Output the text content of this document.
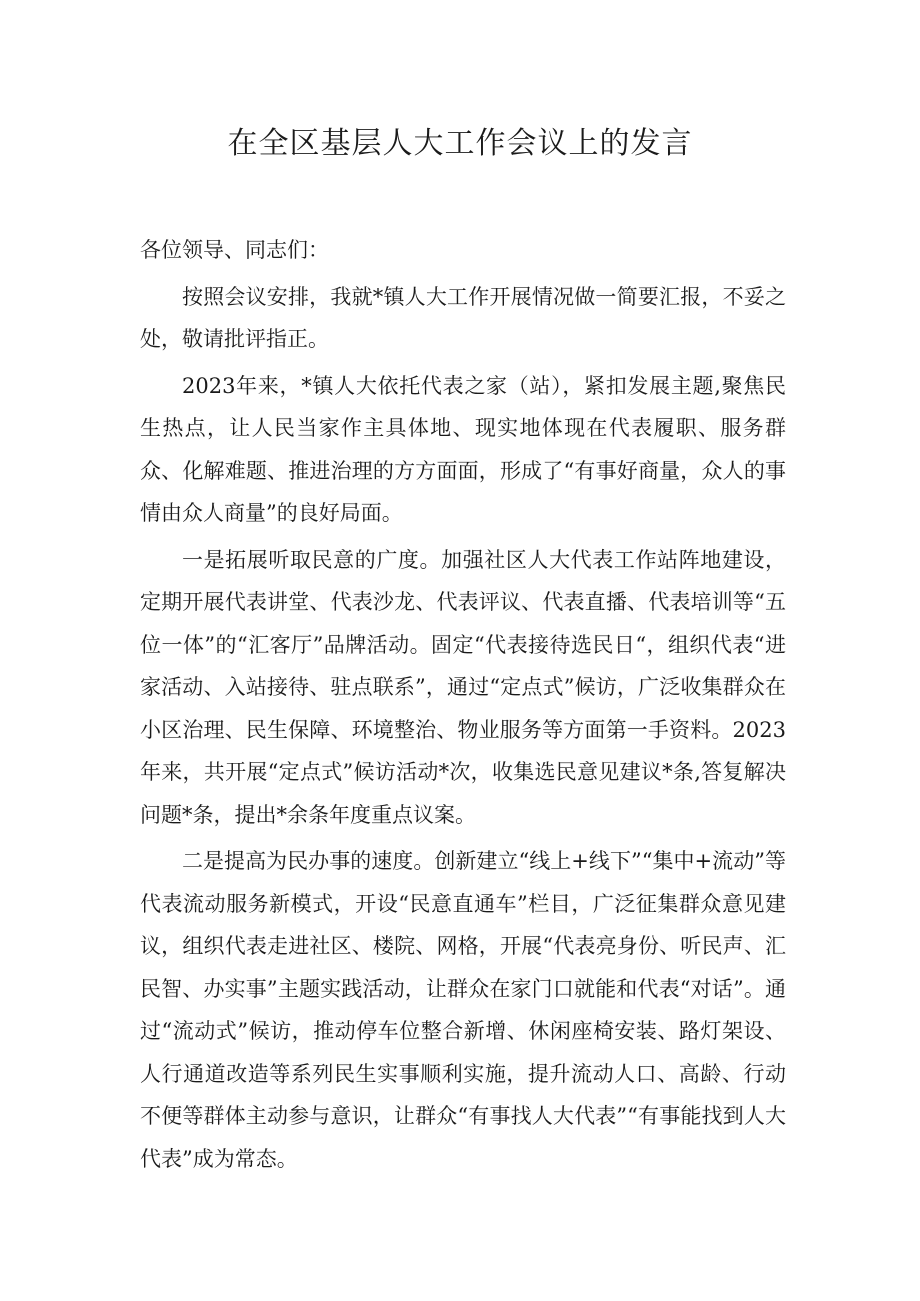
在全区基层人大工作会议上的发言

各位领导、同志们：

按照会议安排，我就*镇人大工作开展情况做一简要汇报，不妥之处，敬请批评指正。

2023年来，*镇人大依托代表之家（站），紧扣发展主题,聚焦民生热点，让人民当家作主具体地、现实地体现在代表履职、服务群众、化解难题、推进治理的方方面面，形成了“有事好商量，众人的事情由众人商量”的良好局面。

一是拓展听取民意的广度。加强社区人大代表工作站阵地建设，定期开展代表讲堂、代表沙龙、代表评议、代表直播、代表培训等“五位一体”的“汇客厅”品牌活动。固定“代表接待选民日“，组织代表“进家活动、入站接待、驻点联系”，通过“定点式”候访，广泛收集群众在小区治理、民生保障、环境整治、物业服务等方面第一手资料。2023年来，共开展“定点式”候访活动*次，收集选民意见建议*条,答复解决问题*条，提出*余条年度重点议案。

二是提高为民办事的速度。创新建立“线上+线下”“集中+流动”等代表流动服务新模式，开设“民意直通车”栏目，广泛征集群众意见建议，组织代表走进社区、楼院、网格，开展“代表亮身份、听民声、汇民智、办实事”主题实践活动，让群众在家门口就能和代表“对话”。通过“流动式”候访，推动停车位整合新增、休闲座椅安装、路灯架设、人行通道改造等系列民生实事顺利实施，提升流动人口、高龄、行动不便等群体主动参与意识，让群众“有事找人大代表”“有事能找到人大代表”成为常态。
